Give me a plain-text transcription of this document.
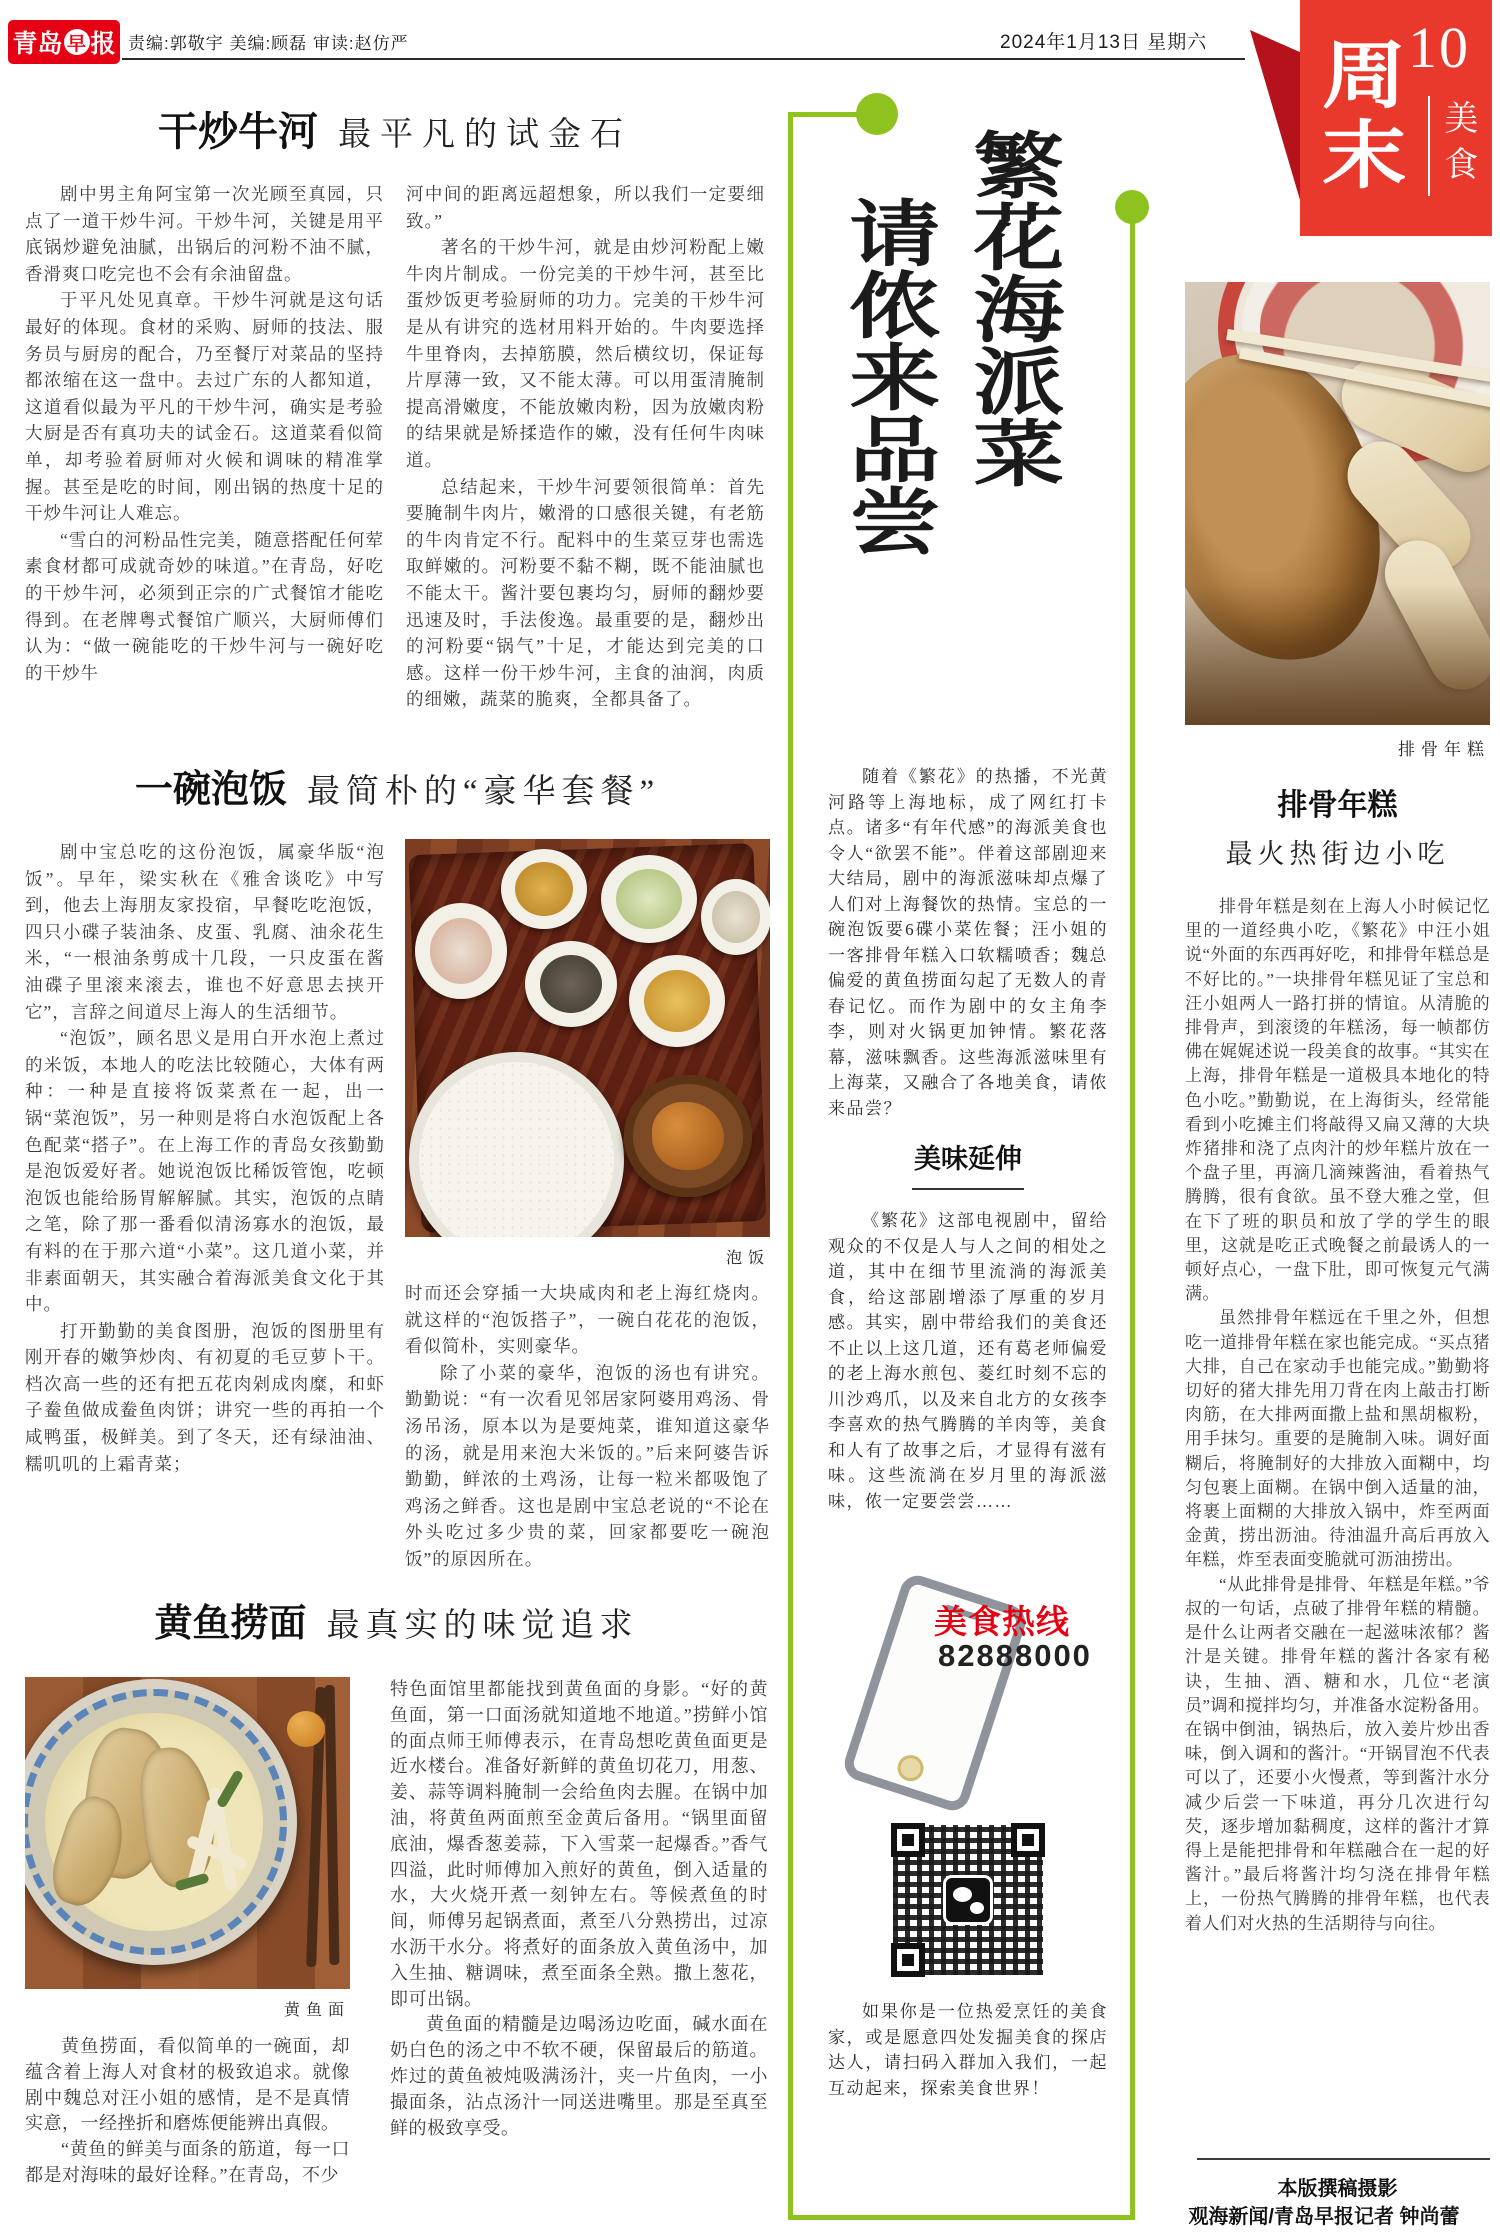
青岛 早 报 责编:郭敬宇 美编:顾磊 审读:赵仿严	2024年1月13日 星期六 周末 10
美食
干炒牛河 最平凡的试金石

剧中男主角阿宝第一次光顾至真园，只点了一道干炒牛河。干炒牛河，关键是用平底锅炒避免油腻，出锅后的河粉不油不腻，香滑爽口吃完也不会有余油留盘。

于平凡处见真章。干炒牛河就是这句话最好的体现。食材的采购、厨师的技法、服务员与厨房的配合，乃至餐厅对菜品的坚持都浓缩在这一盘中。去过广东的人都知道，这道看似最为平凡的干炒牛河，确实是考验大厨是否有真功夫的试金石。这道菜看似简单，却考验着厨师对火候和调味的精准掌握。甚至是吃的时间，刚出锅的热度十足的干炒牛河让人难忘。

“雪白的河粉品性完美，随意搭配任何荤素食材都可成就奇妙的味道。”在青岛，好吃的干炒牛河，必须到正宗的广式餐馆才能吃得到。在老牌粤式餐馆广顺兴，大厨师傅们认为：“做一碗能吃的干炒牛河与一碗好吃的干炒牛

河中间的距离远超想象，所以我们一定要细致。”

著名的干炒牛河，就是由炒河粉配上嫩牛肉片制成。一份完美的干炒牛河，甚至比蛋炒饭更考验厨师的功力。完美的干炒牛河是从有讲究的选材用料开始的。牛肉要选择牛里脊肉，去掉筋膜，然后横纹切，保证每片厚薄一致，又不能太薄。可以用蛋清腌制提高滑嫩度，不能放嫩肉粉，因为放嫩肉粉的结果就是矫揉造作的嫩，没有任何牛肉味道。

总结起来，干炒牛河要领很简单：首先要腌制牛肉片，嫩滑的口感很关键，有老筋的牛肉肯定不行。配料中的生菜豆芽也需选取鲜嫩的。河粉要不黏不糊，既不能油腻也不能太干。酱汁要包裹均匀，厨师的翻炒要迅速及时，手法俊逸。最重要的是，翻炒出的河粉要“锅气”十足，才能达到完美的口感。这样一份干炒牛河，主食的油润，肉质的细嫩，蔬菜的脆爽，全都具备了。

一碗泡饭 最简朴的“豪华套餐”

剧中宝总吃的这份泡饭，属豪华版“泡饭”。早年，梁实秋在《雅舍谈吃》中写到，他去上海朋友家投宿，早餐吃吃泡饭，四只小碟子装油条、皮蛋、乳腐、油氽花生米，“一根油条剪成十几段，一只皮蛋在酱油碟子里滚来滚去，谁也不好意思去挟开它”，言辞之间道尽上海人的生活细节。

“泡饭”，顾名思义是用白开水泡上煮过的米饭，本地人的吃法比较随心，大体有两种：一种是直接将饭菜煮在一起，出一锅“菜泡饭”，另一种则是将白水泡饭配上各色配菜“搭子”。在上海工作的青岛女孩勤勤是泡饭爱好者。她说泡饭比稀饭管饱，吃顿泡饭也能给肠胃解解腻。其实，泡饭的点睛之笔，除了那一番看似清汤寡水的泡饭，最有料的在于那六道“小菜”。这几道小菜，并非素面朝天，其实融合着海派美食文化于其中。

打开勤勤的美食图册，泡饭的图册里有刚开春的嫩笋炒肉、有初夏的毛豆萝卜干。档次高一些的还有把五花肉剁成肉糜，和虾子鲞鱼做成鲞鱼肉饼；讲究一些的再拍一个咸鸭蛋，极鲜美。到了冬天，还有绿油油、糯叽叽的上霜青菜；

泡饭

时而还会穿插一大块咸肉和老上海红烧肉。就这样的“泡饭搭子”，一碗白花花的泡饭，看似简朴，实则豪华。

除了小菜的豪华，泡饭的汤也有讲究。勤勤说：“有一次看见邻居家阿婆用鸡汤、骨汤吊汤，原本以为是要炖菜，谁知道这豪华的汤，就是用来泡大米饭的。”后来阿婆告诉勤勤，鲜浓的土鸡汤，让每一粒米都吸饱了鸡汤之鲜香。这也是剧中宝总老说的“不论在外头吃过多少贵的菜，回家都要吃一碗泡饭”的原因所在。

黄鱼捞面 最真实的味觉追求
黄鱼面

黄鱼捞面，看似简单的一碗面，却蕴含着上海人对食材的极致追求。就像剧中魏总对汪小姐的感情，是不是真情实意，一经挫折和磨炼便能辨出真假。

“黄鱼的鲜美与面条的筋道，每一口都是对海味的最好诠释。”在青岛，不少

特色面馆里都能找到黄鱼面的身影。“好的黄鱼面，第一口面汤就知道地不地道。”捞鲜小馆的面点师王师傅表示，在青岛想吃黄鱼面更是近水楼台。准备好新鲜的黄鱼切花刀，用葱、姜、蒜等调料腌制一会给鱼肉去腥。在锅中加油，将黄鱼两面煎至金黄后备用。“锅里面留底油，爆香葱姜蒜，下入雪菜一起爆香。”香气四溢，此时师傅加入煎好的黄鱼，倒入适量的水，大火烧开煮一刻钟左右。等候煮鱼的时间，师傅另起锅煮面，煮至八分熟捞出，过凉水沥干水分。将煮好的面条放入黄鱼汤中，加入生抽、糖调味，煮至面条全熟。撒上葱花，即可出锅。

黄鱼面的精髓是边喝汤边吃面，碱水面在奶白色的汤之中不软不硬，保留最后的筋道。炸过的黄鱼被炖吸满汤汁，夹一片鱼肉，一小撮面条，沾点汤汁一同送进嘴里。那是至真至鲜的极致享受。

繁花海派菜
请侬来品尝
随着《繁花》的热播，不光黄河路等上海地标，成了网红打卡点。诸多“有年代感”的海派美食也令人“欲罢不能”。伴着这部剧迎来大结局，剧中的海派滋味却点爆了人们对上海餐饮的热情。宝总的一碗泡饭要6碟小菜佐餐；汪小姐的一客排骨年糕入口软糯喷香；魏总偏爱的黄鱼捞面勾起了无数人的青春记忆。而作为剧中的女主角李李，则对火锅更加钟情。繁花落幕，滋味飘香。这些海派滋味里有上海菜，又融合了各地美食，请侬来品尝？
美味延伸
《繁花》这部电视剧中，留给观众的不仅是人与人之间的相处之道，其中在细节里流淌的海派美食，给这部剧增添了厚重的岁月感。其实，剧中带给我们的美食还不止以上这几道，还有葛老师偏爱的老上海水煎包、菱红时刻不忘的川沙鸡爪，以及来自北方的女孩李李喜欢的热气腾腾的羊肉等，美食和人有了故事之后，才显得有滋有味。这些流淌在岁月里的海派滋味，侬一定要尝尝……
美食热线
82888000
如果你是一位热爱烹饪的美食家，或是愿意四处发掘美食的探店达人，请扫码入群加入我们，一起互动起来，探索美食世界！
排骨年糕
排骨年糕
最火热街边小吃

排骨年糕是刻在上海人小时候记忆里的一道经典小吃，《繁花》中汪小姐说“外面的东西再好吃，和排骨年糕总是不好比的。”一块排骨年糕见证了宝总和汪小姐两人一路打拼的情谊。从清脆的排骨声，到滚烫的年糕汤，每一帧都仿佛在娓娓述说一段美食的故事。“其实在上海，排骨年糕是一道极具本地化的特色小吃。”勤勤说，在上海街头，经常能看到小吃摊主们将敲得又扁又薄的大块炸猪排和浇了点肉汁的炒年糕片放在一个盘子里，再滴几滴辣酱油，看着热气腾腾，很有食欲。虽不登大雅之堂，但在下了班的职员和放了学的学生的眼里，这就是吃正式晚餐之前最诱人的一顿好点心，一盘下肚，即可恢复元气满满。

虽然排骨年糕远在千里之外，但想吃一道排骨年糕在家也能完成。“买点猪大排，自己在家动手也能完成。”勤勤将切好的猪大排先用刀背在肉上敲击打断肉筋，在大排两面撒上盐和黑胡椒粉，用手抹匀。重要的是腌制入味。调好面糊后，将腌制好的大排放入面糊中，均匀包裹上面糊。在锅中倒入适量的油，将裹上面糊的大排放入锅中，炸至两面金黄，捞出沥油。待油温升高后再放入年糕，炸至表面变脆就可沥油捞出。

“从此排骨是排骨、年糕是年糕。”爷叔的一句话，点破了排骨年糕的精髓。是什么让两者交融在一起滋味浓郁？酱汁是关键。排骨年糕的酱汁各家有秘诀，生抽、酒、糖和水，几位“老演员”调和搅拌均匀，并准备水淀粉备用。在锅中倒油，锅热后，放入姜片炒出香味，倒入调和的酱汁。“开锅冒泡不代表可以了，还要小火慢煮，等到酱汁水分减少后尝一下味道，再分几次进行勾芡，逐步增加黏稠度，这样的酱汁才算得上是能把排骨和年糕融合在一起的好酱汁。”最后将酱汁均匀浇在排骨年糕上，一份热气腾腾的排骨年糕，也代表着人们对火热的生活期待与向往。

本版撰稿摄影
观海新闻/青岛早报记者 钟尚蕾
